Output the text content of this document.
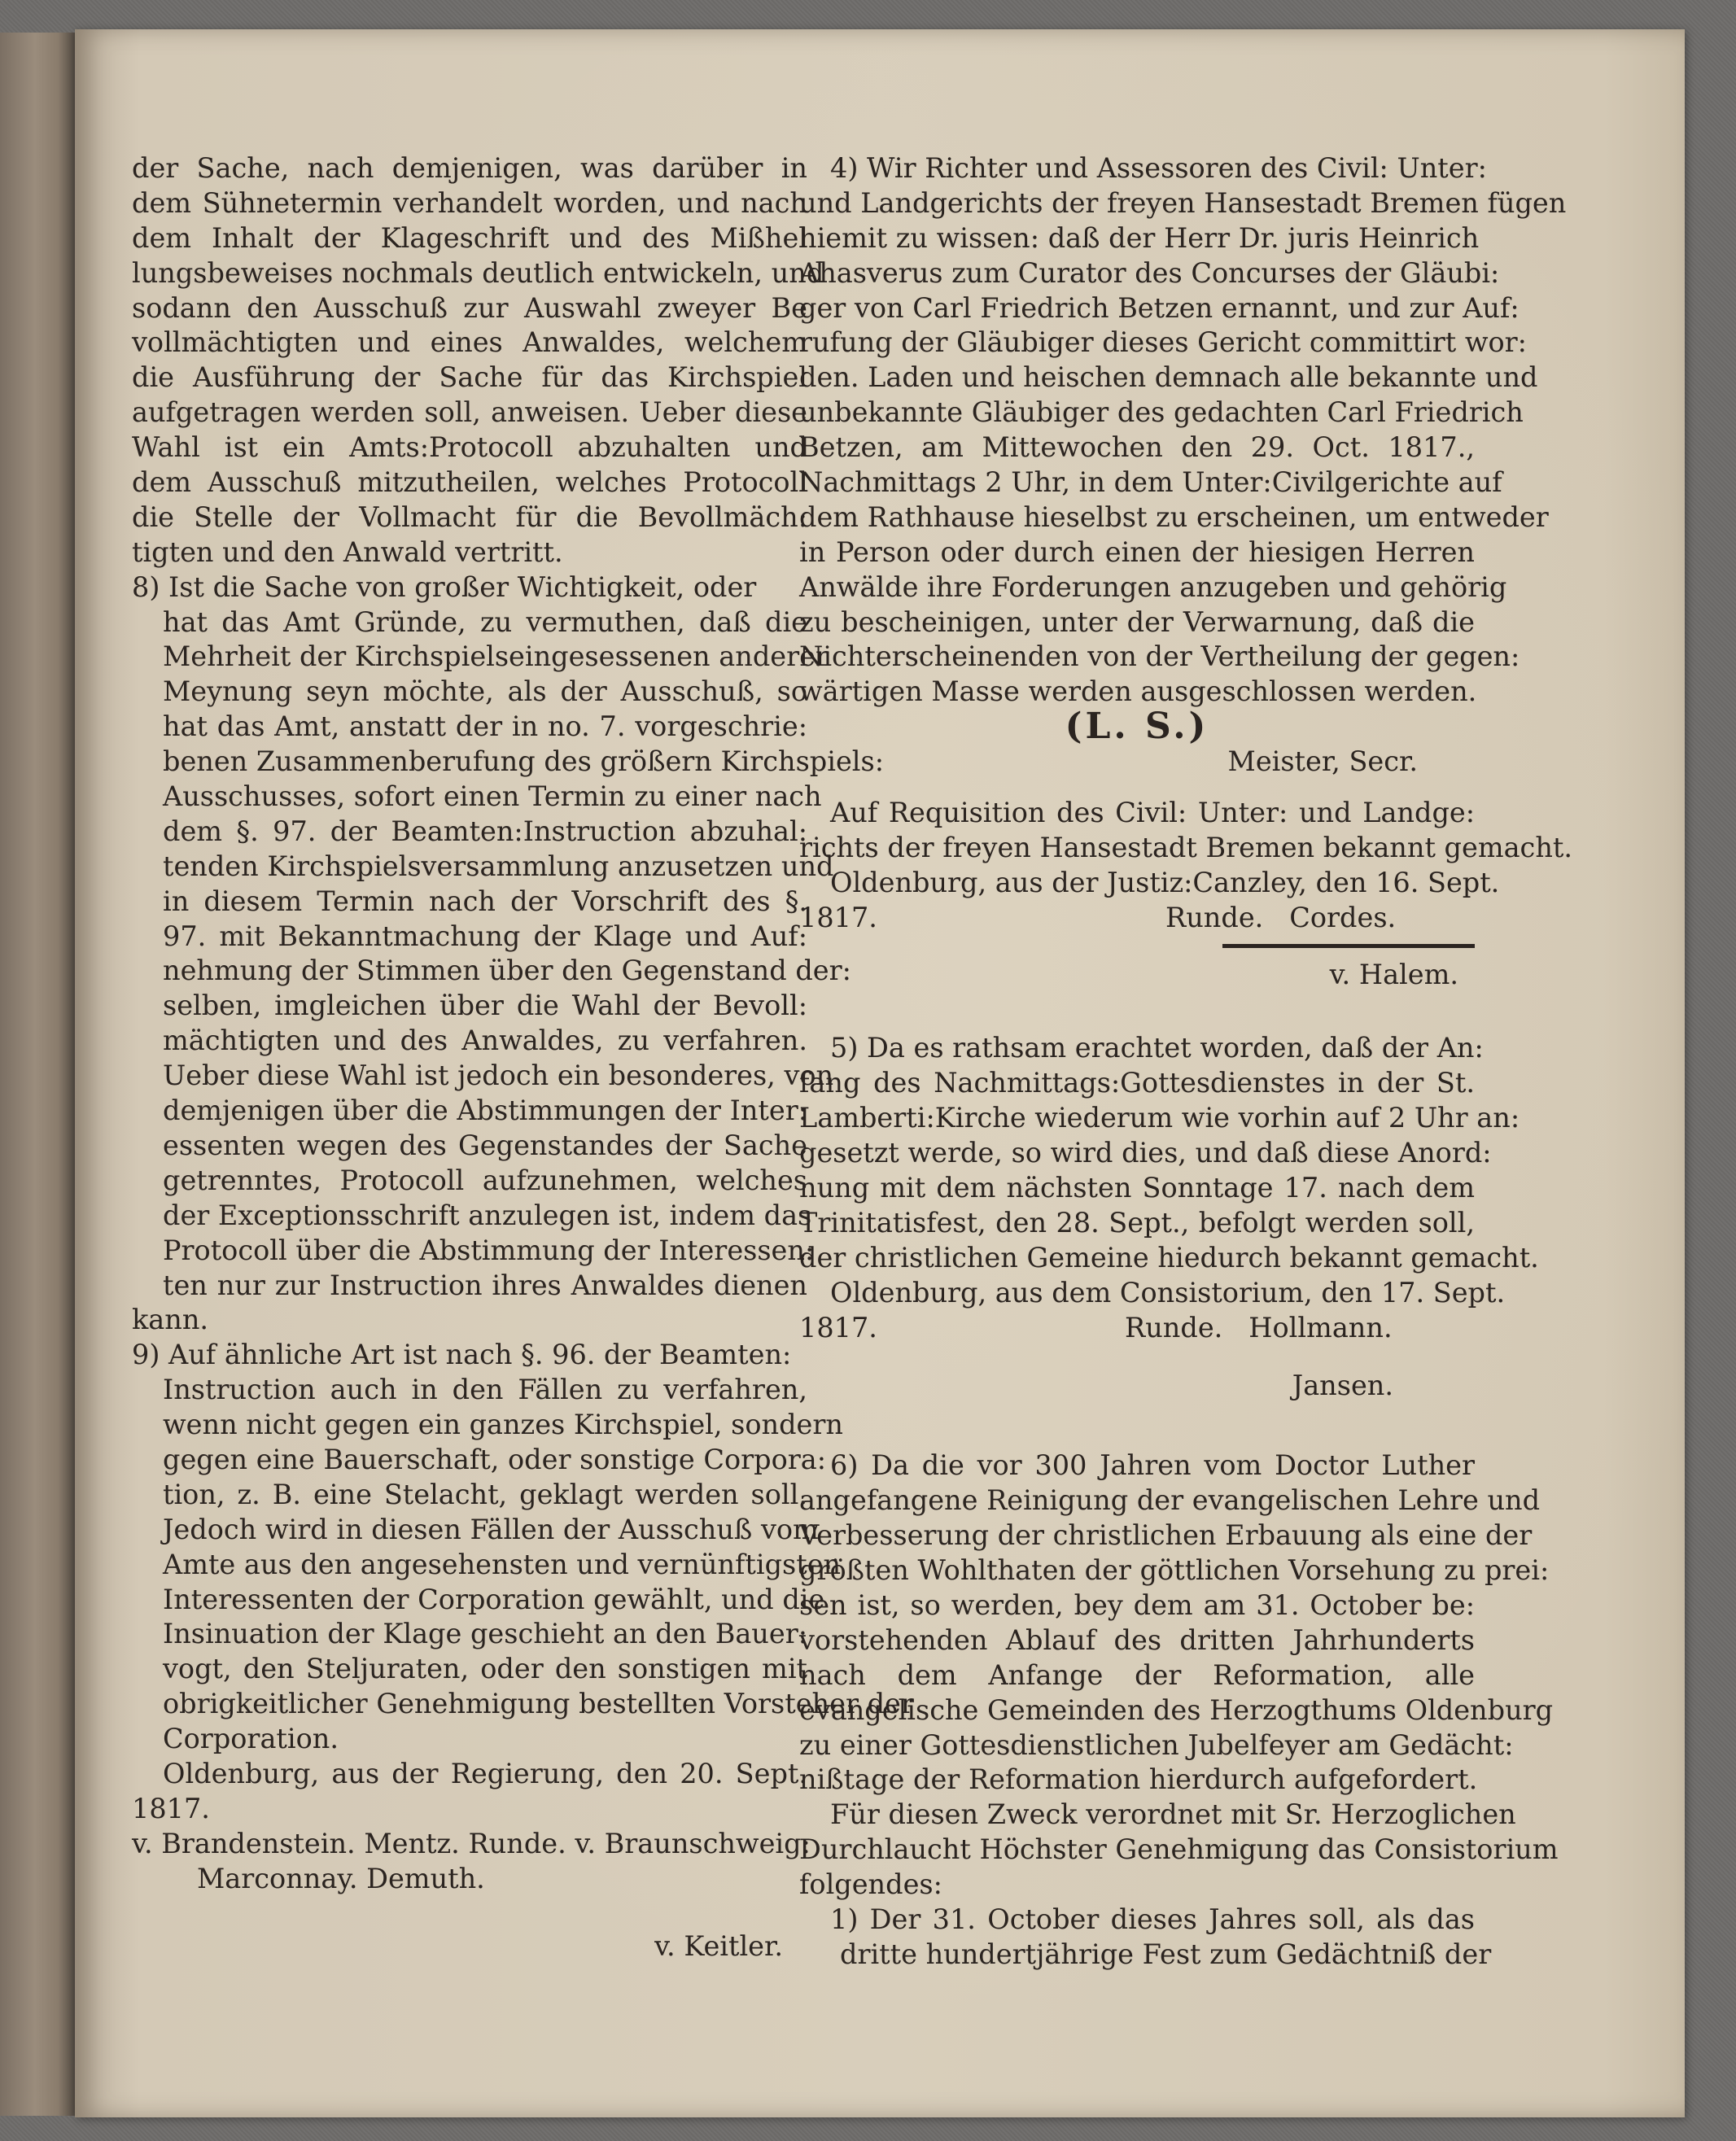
der Sache, nach demjenigen, was darüber in
dem Sühnetermin verhandelt worden, und nach
dem Inhalt der Klageschrift und des Mißhel
lungsbeweises nochmals deutlich entwickeln, und
sodann den Ausschuß zur Auswahl zweyer Be
vollmächtigten und eines Anwaldes, welchem
die Ausführung der Sache für das Kirchspiel
aufgetragen werden soll, anweisen. Ueber diese
Wahl ist ein Amts:Protocoll abzuhalten und
dem Ausschuß mitzutheilen, welches Protocoll
die Stelle der Vollmacht für die Bevollmäch:
tigten und den Anwald vertritt.
8) Ist die Sache von großer Wichtigkeit, oder
hat das Amt Gründe, zu vermuthen, daß die
Mehrheit der Kirchspielseingesessenen anderer
Meynung seyn möchte, als der Ausschuß, so
hat das Amt, anstatt der in no. 7. vorgeschrie:
benen Zusammenberufung des größern Kirchspiels:
Ausschusses, sofort einen Termin zu einer nach
dem §. 97. der Beamten:Instruction abzuhal:
tenden Kirchspielsversammlung anzusetzen und
in diesem Termin nach der Vorschrift des §.
97. mit Bekanntmachung der Klage und Auf:
nehmung der Stimmen über den Gegenstand der:
selben, imgleichen über die Wahl der Bevoll:
mächtigten und des Anwaldes, zu verfahren.
Ueber diese Wahl ist jedoch ein besonderes, von
demjenigen über die Abstimmungen der Inter:
essenten wegen des Gegenstandes der Sache
getrenntes, Protocoll aufzunehmen, welches
der Exceptionsschrift anzulegen ist, indem das
Protocoll über die Abstimmung der Interessen:
ten nur zur Instruction ihres Anwaldes dienen
kann.
9) Auf ähnliche Art ist nach §. 96. der Beamten:
Instruction auch in den Fällen zu verfahren,
wenn nicht gegen ein ganzes Kirchspiel, sondern
gegen eine Bauerschaft, oder sonstige Corpora:
tion, z. B. eine Stelacht, geklagt werden soll.
Jedoch wird in diesen Fällen der Ausschuß vom
Amte aus den angesehensten und vernünftigsten
Interessenten der Corporation gewählt, und die
Insinuation der Klage geschieht an den Bauer:
vogt, den Steljuraten, oder den sonstigen mit
obrigkeitlicher Genehmigung bestellten Vorsteher der
Corporation.
Oldenburg, aus der Regierung, den 20. Sept.
1817.
v. Brandenstein. Mentz. Runde. v. Braunschweig:
Marconnay. Demuth.
v. Keitler.
4) Wir Richter und Assessoren des Civil: Unter:
und Landgerichts der freyen Hansestadt Bremen fügen
hiemit zu wissen: daß der Herr Dr. juris Heinrich
Ahasverus zum Curator des Concurses der Gläubi:
ger von Carl Friedrich Betzen ernannt, und zur Auf:
rufung der Gläubiger dieses Gericht committirt wor:
den. Laden und heischen demnach alle bekannte und
unbekannte Gläubiger des gedachten Carl Friedrich
Betzen, am Mittewochen den 29. Oct. 1817.,
Nachmittags 2 Uhr, in dem Unter:Civilgerichte auf
dem Rathhause hieselbst zu erscheinen, um entweder
in Person oder durch einen der hiesigen Herren
Anwälde ihre Forderungen anzugeben und gehörig
zu bescheinigen, unter der Verwarnung, daß die
Nichterscheinenden von der Vertheilung der gegen:
wärtigen Masse werden ausgeschlossen werden.
(L. S.)
Meister, Secr.
Auf Requisition des Civil: Unter: und Landge:
richts der freyen Hansestadt Bremen bekannt gemacht.
Oldenburg, aus der Justiz:Canzley, den 16. Sept.
1817.	Runde.   Cordes.
v. Halem.
5) Da es rathsam erachtet worden, daß der An:
fang des Nachmittags:Gottesdienstes in der St.
Lamberti:Kirche wiederum wie vorhin auf 2 Uhr an:
gesetzt werde, so wird dies, und daß diese Anord:
nung mit dem nächsten Sonntage 17. nach dem
Trinitatisfest, den 28. Sept., befolgt werden soll,
der christlichen Gemeine hiedurch bekannt gemacht.
Oldenburg, aus dem Consistorium, den 17. Sept.
1817.	Runde.   Hollmann.
Jansen.
6) Da die vor 300 Jahren vom Doctor Luther
angefangene Reinigung der evangelischen Lehre und
Verbesserung der christlichen Erbauung als eine der
größten Wohlthaten der göttlichen Vorsehung zu prei:
sen ist, so werden, bey dem am 31. October be:
vorstehenden Ablauf des dritten Jahrhunderts
nach dem Anfange der Reformation, alle
evangelische Gemeinden des Herzogthums Oldenburg
zu einer Gottesdienstlichen Jubelfeyer am Gedächt:
nißtage der Reformation hierdurch aufgefordert.
Für diesen Zweck verordnet mit Sr. Herzoglichen
Durchlaucht Höchster Genehmigung das Consistorium
folgendes:
1) Der 31. October dieses Jahres soll, als das
dritte hundertjährige Fest zum Gedächtniß der
